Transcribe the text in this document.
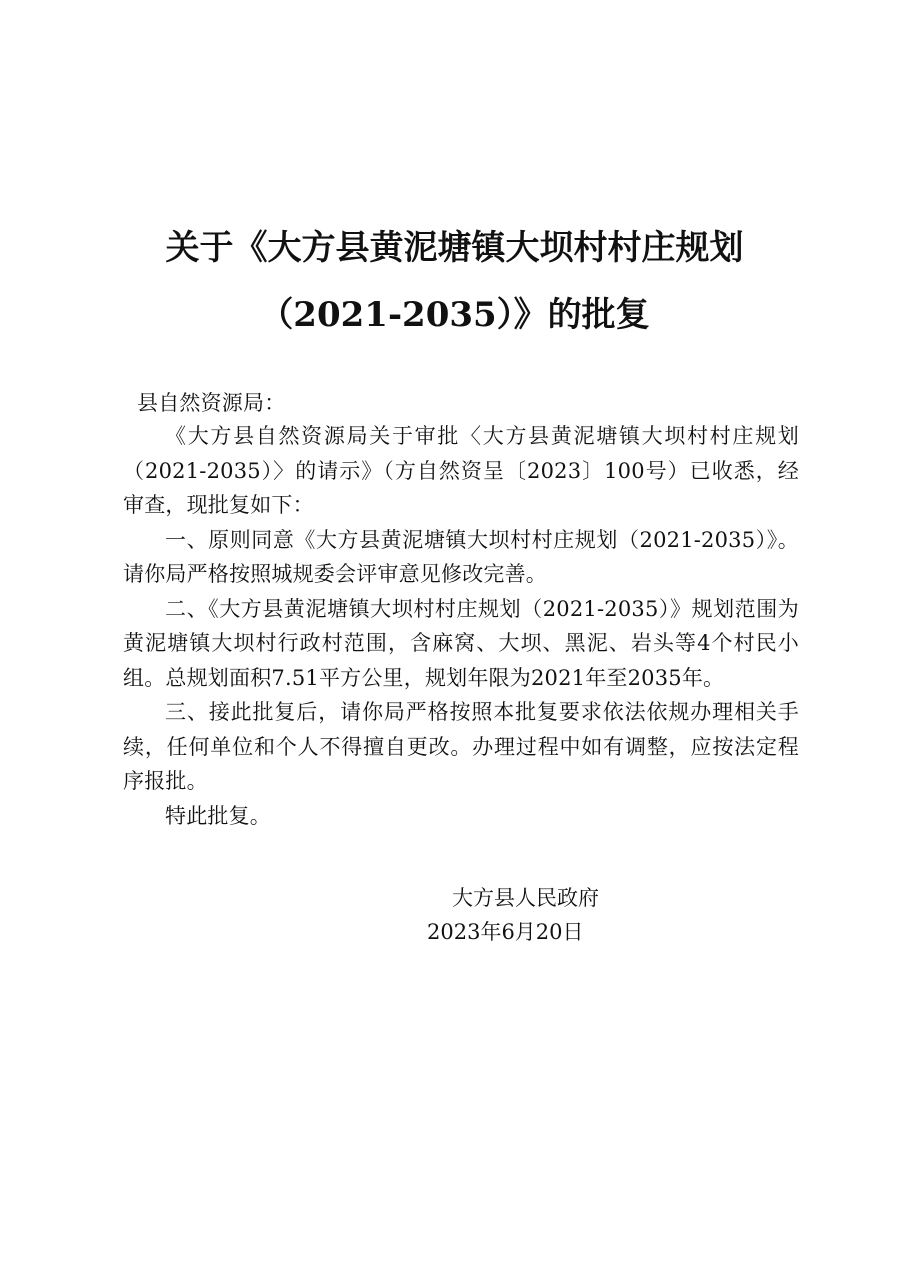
关于《大方县黄泥塘镇大坝村村庄规划
（2021-2035）》的批复
县自然资源局：

《大方县自然资源局关于审批〈大方县黄泥塘镇大坝村村庄规划（2021-2035）〉的请示》（方自然资呈〔2023〕100号）已收悉，经审查，现批复如下：

一、原则同意《大方县黄泥塘镇大坝村村庄规划（2021-2035）》。请你局严格按照城规委会评审意见修改完善。

二、《大方县黄泥塘镇大坝村村庄规划（2021-2035）》规划范围为黄泥塘镇大坝村行政村范围，含麻窝、大坝、黑泥、岩头等4个村民小组。总规划面积7.51平方公里，规划年限为2021年至2035年。

三、接此批复后，请你局严格按照本批复要求依法依规办理相关手续，任何单位和个人不得擅自更改。办理过程中如有调整，应按法定程序报批。

特此批复。

大方县人民政府
2023年6月20日
